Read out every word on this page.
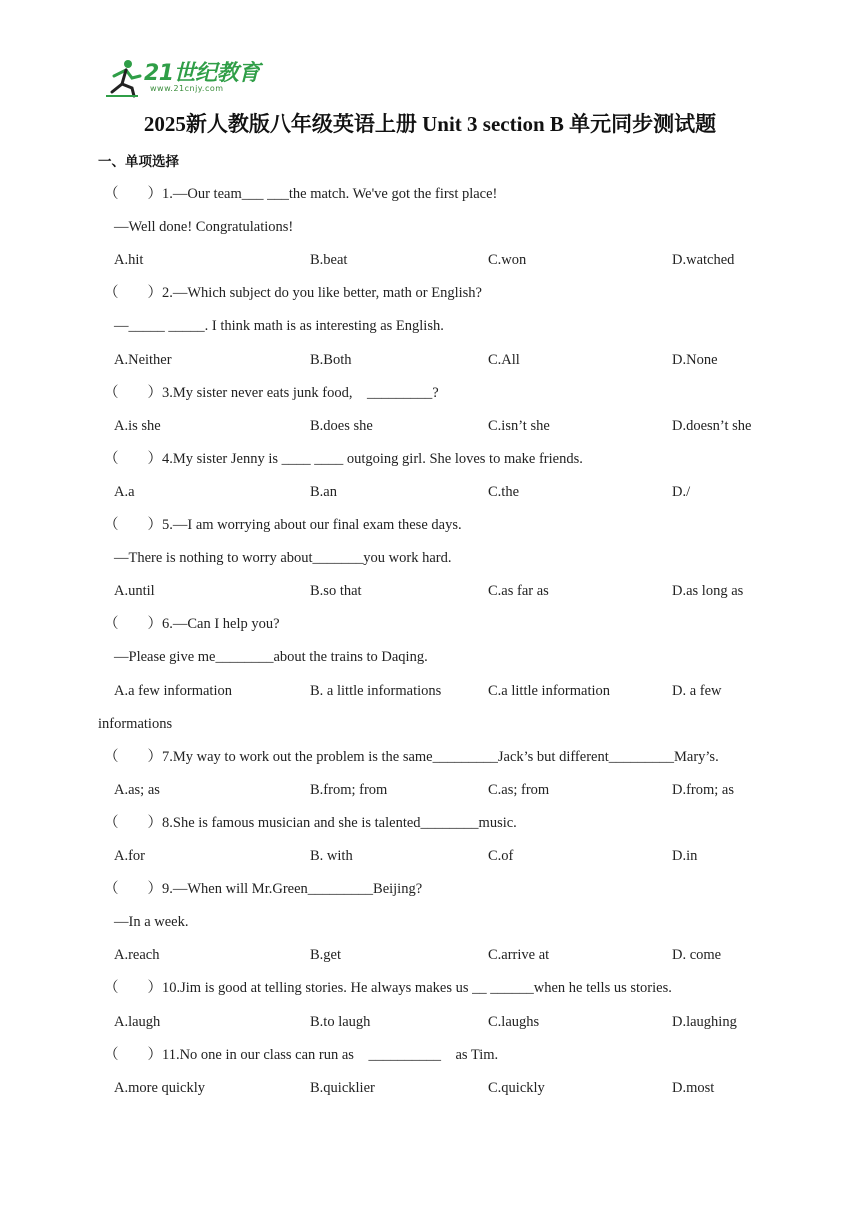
21世纪教育
www.21cnjy.com
2025新人教版八年级英语上册 Unit 3 section B 单元同步测试题
一、单项选择
（　　）1.—Our team___ ___the match. We've got the first place!
—Well done! Congratulations!
A.hit	B.beat	C.won	D.watched
（　　）2.—Which subject do you like better, math or English?
—_____ _____. I think math is as interesting as English.
A.Neither	B.Both	C.All	D.None
（　　）3.My sister never eats junk food,    _________?
A.is she	B.does she	C.isn’t she	D.doesn’t she
（　　）4.My sister Jenny is ____ ____ outgoing girl. She loves to make friends.
A.a	B.an	C.the	D./
（　　）5.—I am worrying about our final exam these days.
—There is nothing to worry about_______you work hard.
A.until	B.so that	C.as far as	D.as long as
（　　）6.—Can I help you?
—Please give me________about the trains to Daqing.
A.a few information	B. a little informations	C.a little information	D. a few
informations
（　　）7.My way to work out the problem is the same_________Jack’s but different_________Mary’s.
A.as; as	B.from; from	C.as; from	D.from; as
（　　）8.She is famous musician and she is talented________music.
A.for	B. with	C.of	D.in
（　　）9.—When will Mr.Green_________Beijing?
—In a week.
A.reach	B.get	C.arrive at	D. come
（　　）10.Jim is good at telling stories. He always makes us __ ______when he tells us stories.
A.laugh	B.to laugh	C.laughs	D.laughing
（　　）11.No one in our class can run as    __________    as Tim.
A.more quickly	B.quicklier	C.quickly	D.most
